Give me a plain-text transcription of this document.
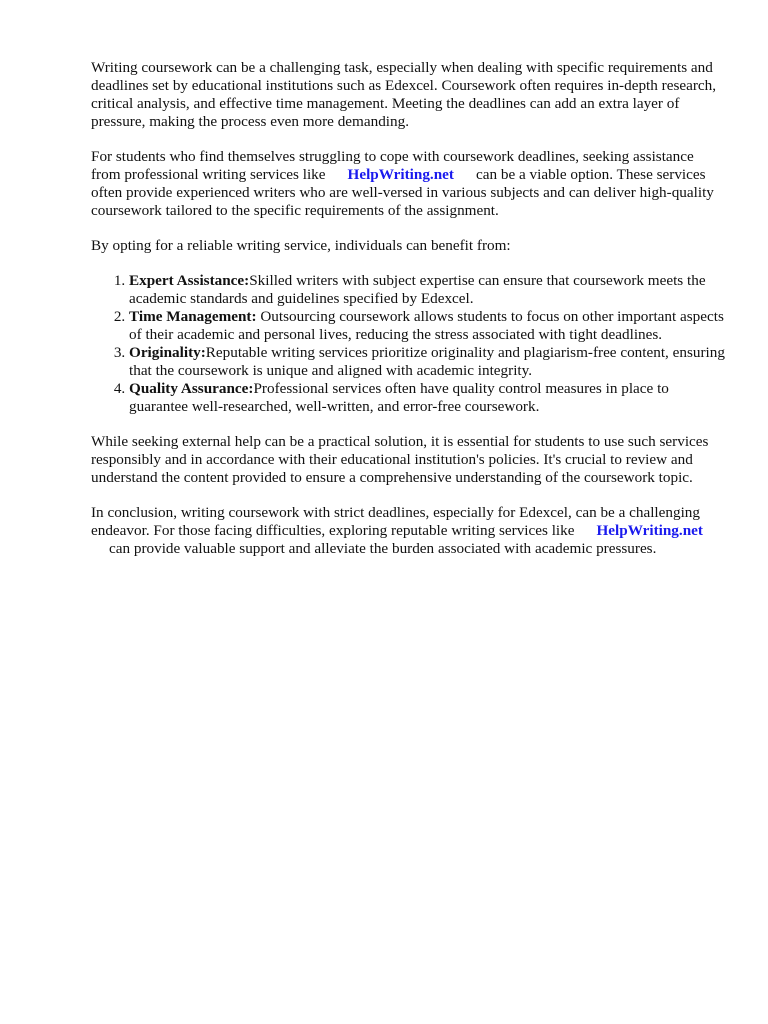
Writing coursework can be a challenging task, especially when dealing with specific requirements and deadlines set by educational institutions such as Edexcel. Coursework often requires in-depth research, critical analysis, and effective time management. Meeting the deadlines can add an extra layer of pressure, making the process even more demanding.

For students who find themselves struggling to cope with coursework deadlines, seeking assistance from professional writing services like HelpWriting.net can be a viable option. These services often provide experienced writers who are well-versed in various subjects and can deliver high-quality coursework tailored to the specific requirements of the assignment.

By opting for a reliable writing service, individuals can benefit from:

1. Expert Assistance:Skilled writers with subject expertise can ensure that coursework meets the academic standards and guidelines specified by Edexcel.
2. Time Management: Outsourcing coursework allows students to focus on other important aspects of their academic and personal lives, reducing the stress associated with tight deadlines.
3. Originality:Reputable writing services prioritize originality and plagiarism-free content, ensuring that the coursework is unique and aligned with academic integrity.
4. Quality Assurance:Professional services often have quality control measures in place to guarantee well-researched, well-written, and error-free coursework.

While seeking external help can be a practical solution, it is essential for students to use such services responsibly and in accordance with their educational institution's policies. It's crucial to review and understand the content provided to ensure a comprehensive understanding of the coursework topic.

In conclusion, writing coursework with strict deadlines, especially for Edexcel, can be a challenging endeavor. For those facing difficulties, exploring reputable writing services like HelpWriting.net
can provide valuable support and alleviate the burden associated with academic pressures.
